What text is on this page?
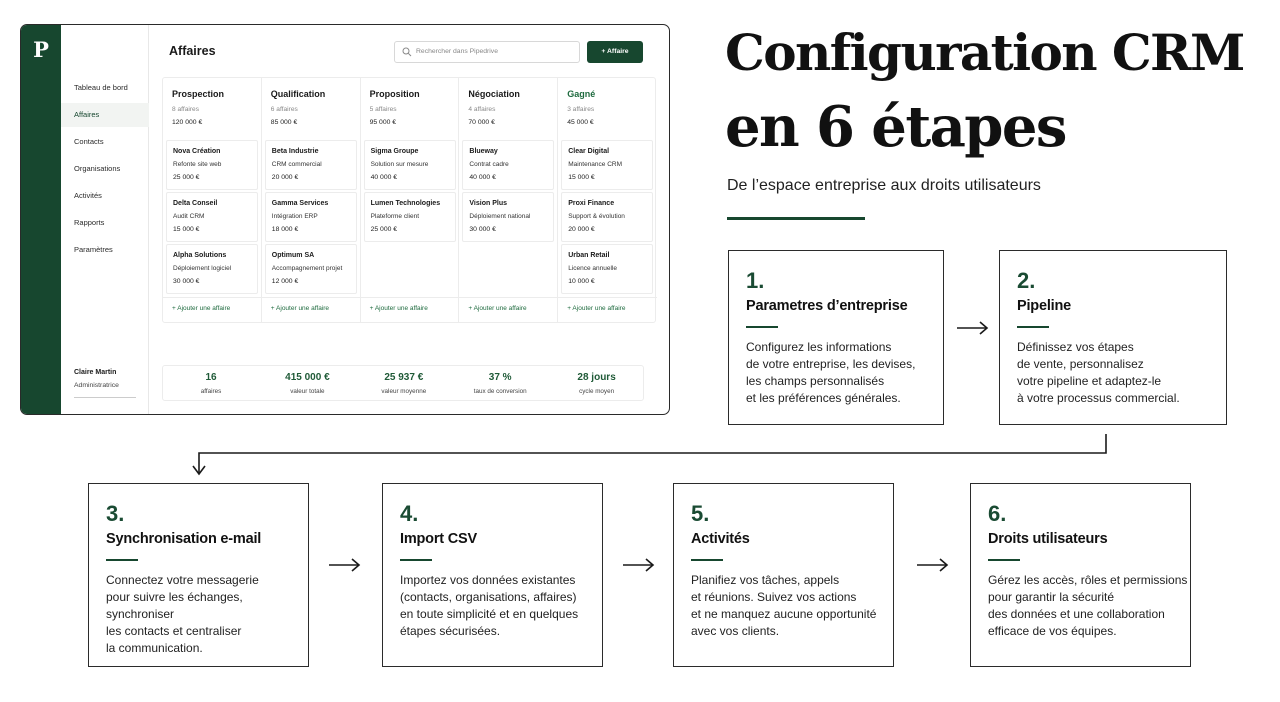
P
Tableau de bord
Affaires
Contacts
Organisations
Activités
Rapports
Paramètres
Claire Martin
Administratrice
Affaires	Rechercher dans Pipedrive	+ Affaire
Prospection
8 affaires
120 000 €
Nova Création
Refonte site web
25 000 €
Delta Conseil
Audit CRM
15 000 €
Alpha Solutions
Déploiement logiciel
30 000 €
+ Ajouter une affaire
Qualification
6 affaires
85 000 €
Beta Industrie
CRM commercial
20 000 €
Gamma Services
Intégration ERP
18 000 €
Optimum SA
Accompagnement projet
12 000 €
+ Ajouter une affaire
Proposition
5 affaires
95 000 €
Sigma Groupe
Solution sur mesure
40 000 €
Lumen Technologies
Plateforme client
25 000 €
+ Ajouter une affaire
Négociation
4 affaires
70 000 €
Blueway
Contrat cadre
40 000 €
Vision Plus
Déploiement national
30 000 €
+ Ajouter une affaire
Gagné
3 affaires
45 000 €
Clear Digital
Maintenance CRM
15 000 €
Proxi Finance
Support & évolution
20 000 €
Urban Retail
Licence annuelle
10 000 €
+ Ajouter une affaire
16
affaires
415 000 €
valeur totale
25 937 €
valeur moyenne
37 %
taux de conversion
28 jours
cycle moyen
Configuration CRM
en 6 étapes
De l’espace entreprise aux droits utilisateurs
1.
Parametres d’entreprise
Configurez les informations
de votre entreprise, les devises,
les champs personnalisés
et les préférences générales.
2.
Pipeline
Définissez vos étapes
de vente, personnalisez
votre pipeline et adaptez-le
à votre processus commercial.
3.
Synchronisation e-mail
Connectez votre messagerie
pour suivre les échanges, synchroniser
les contacts et centraliser
la communication.
4.
Import CSV
Importez vos données existantes
(contacts, organisations, affaires)
en toute simplicité et en quelques
étapes sécurisées.
5.
Activités
Planifiez vos tâches, appels
et réunions. Suivez vos actions
et ne manquez aucune opportunité
avec vos clients.
6.
Droits utilisateurs
Gérez les accès, rôles et permissions
pour garantir la sécurité
des données et une collaboration
efficace de vos équipes.
